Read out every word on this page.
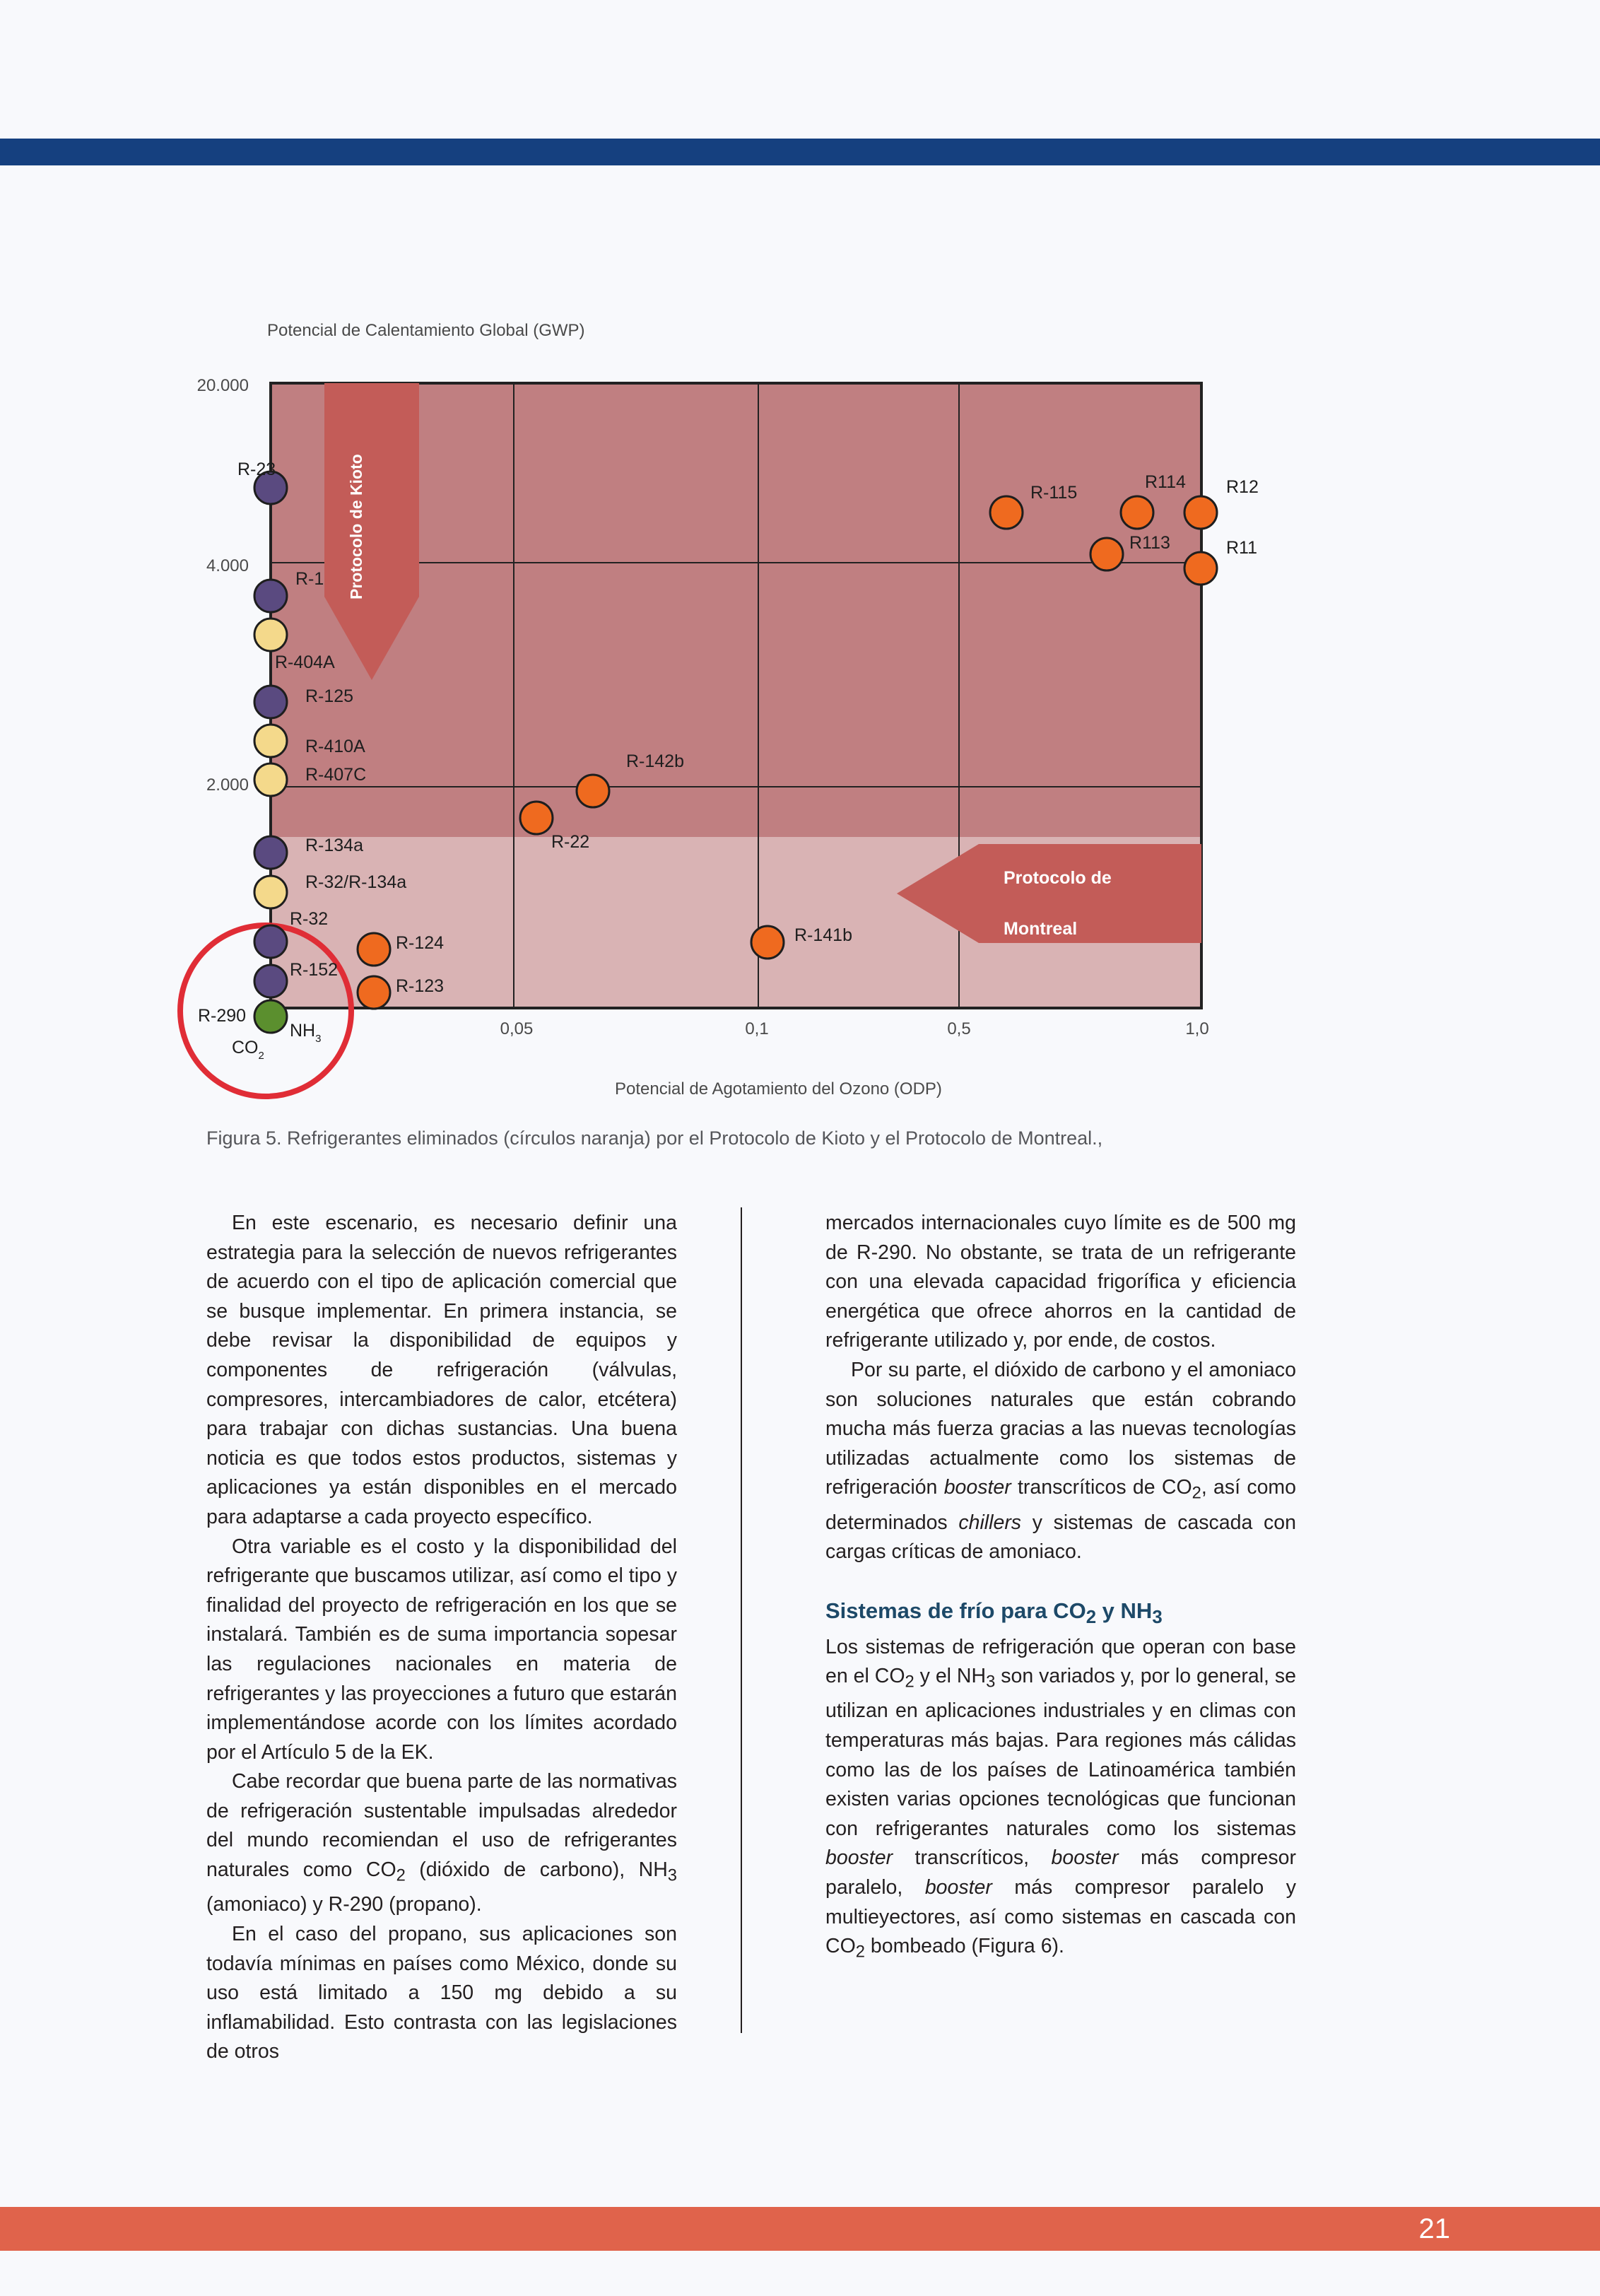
Protocolo de Kioto
Protocolo de
Montreal
Potencial de Calentamiento Global (GWP)
Potencial de Agotamiento del Ozono (ODP)
20.000
4.000
2.000
0,05	0,1	0,5	1,0
R-23
R-1
R-404A
R-125
R-410A
R-407C
R-134a
R-32/R-134a
R-32
R-152
R-290
$NH_3$
$CO_2$
R-124
R-123
R-22
R-142b
R-141b
R-115
R114
R113
R12
R11
Figura 5. Refrigerantes eliminados (círculos naranja) por el Protocolo de Kioto y el Protocolo de Montreal.,

En este escenario, es necesario definir una estrategia para la selección de nuevos refrigerantes de acuerdo con el tipo de aplicación comercial que se busque implementar. En primera instancia, se debe revisar la disponibilidad de equipos y componentes de refrigeración (válvulas, compresores, intercambiadores de calor, etcétera) para trabajar con dichas sustancias. Una buena noticia es que todos estos productos, sistemas y aplicaciones ya están disponibles en el mercado para adaptarse a cada proyecto específico.

Otra variable es el costo y la disponibilidad del refrigerante que buscamos utilizar, así como el tipo y finalidad del proyecto de refrigeración en los que se instalará. También es de suma importancia sopesar las regulaciones nacionales en materia de refrigerantes y las proyecciones a futuro que estarán implementándose acorde con los límites acordado por el Artículo 5 de la EK.

Cabe recordar que buena parte de las normativas de refrigeración sustentable impulsadas alrededor del mundo recomiendan el uso de refrigerantes naturales como $CO_2$ (dióxido de carbono), $NH_3$ (amoniaco) y R-290 (propano).

En el caso del propano, sus aplicaciones son todavía mínimas en países como México, donde su uso está limitado a 150 mg debido a su inflamabilidad. Esto contrasta con las legislaciones de otros

mercados internacionales cuyo límite es de 500 mg de R-290. No obstante, se trata de un refrigerante con una elevada capacidad frigorífica y eficiencia energética que ofrece ahorros en la cantidad de refrigerante utilizado y, por ende, de costos.

Por su parte, el dióxido de carbono y el amoniaco son soluciones naturales que están cobrando mucha más fuerza gracias a las nuevas tecnologías utilizadas actualmente como los sistemas de refrigeración booster transcríticos de $CO_2$, así como determinados chillers y sistemas de cascada con cargas críticas de amoniaco.

Sistemas de frío para $CO_2$ y $NH_3$

Los sistemas de refrigeración que operan con base en el $CO_2$ y el $NH_3$ son variados y, por lo general, se utilizan en aplicaciones industriales y en climas con temperaturas más bajas. Para regiones más cálidas como las de los países de Latinoamérica también existen varias opciones tecnológicas que funcionan con refrigerantes naturales como los sistemas booster transcríticos, booster más compresor paralelo, booster más compresor paralelo y multieyectores, así como sistemas en cascada con $CO_2$ bombeado (Figura 6).

21
